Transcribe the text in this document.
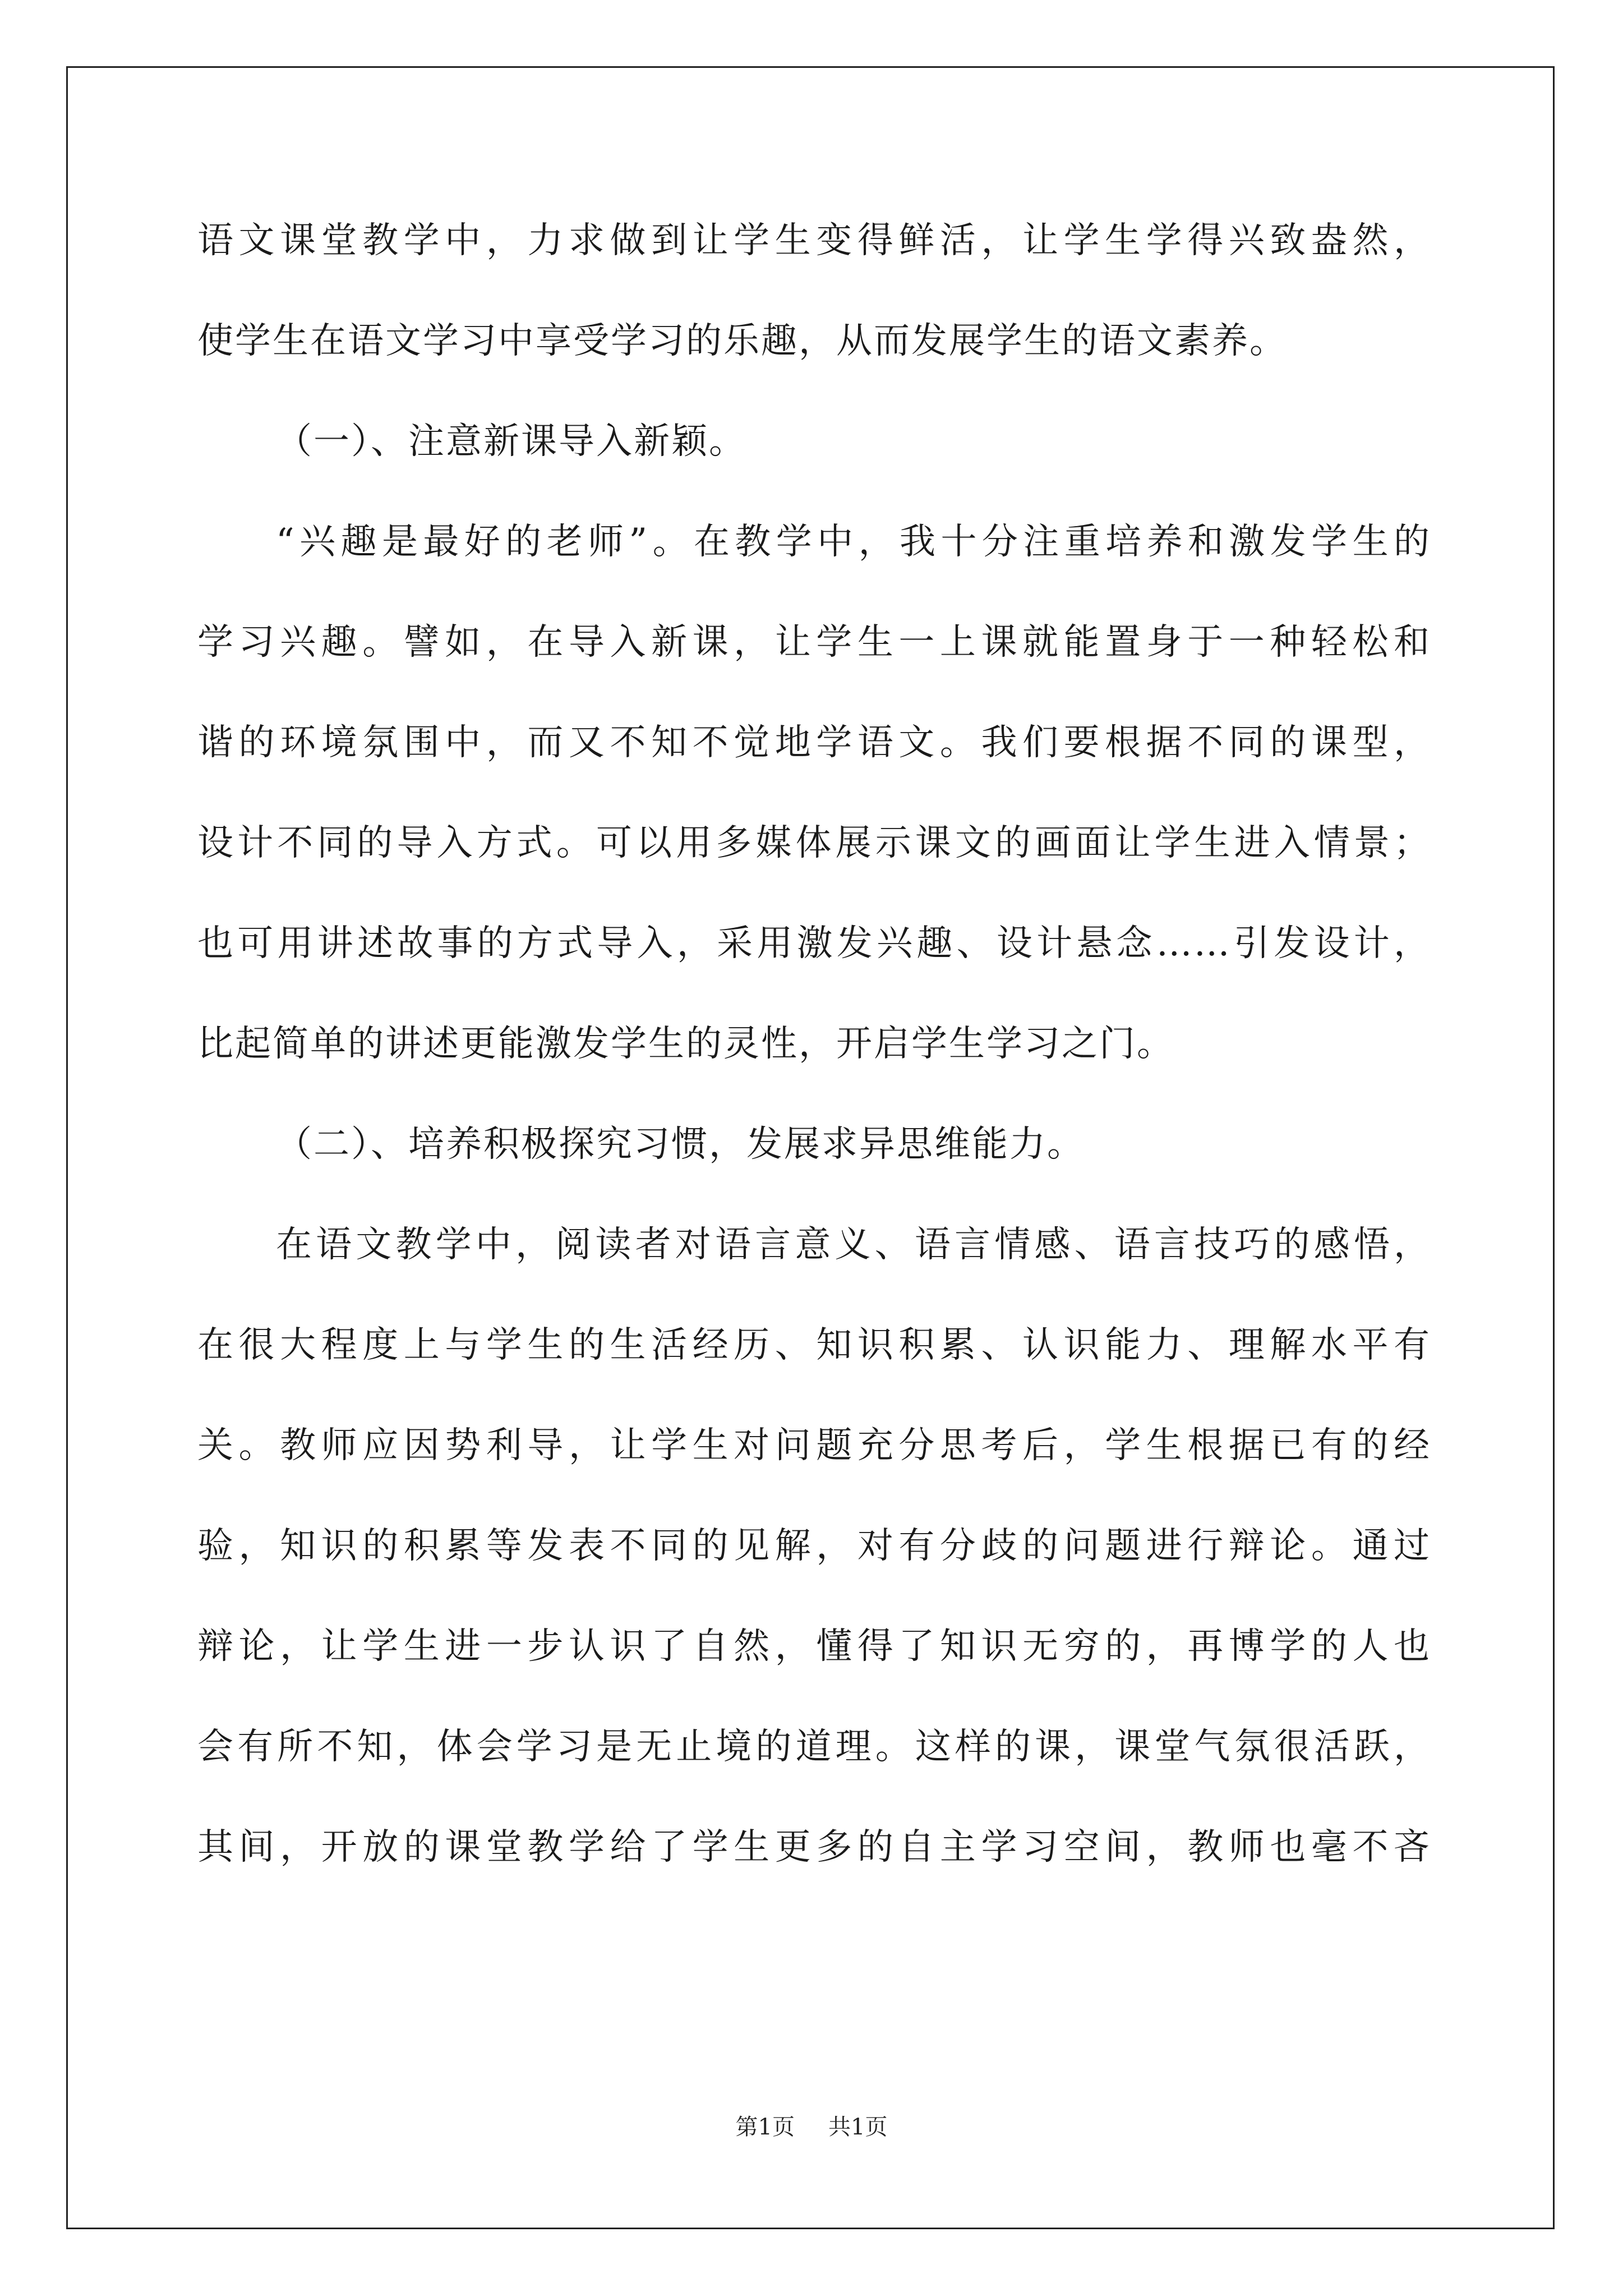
语文课堂教学中，力求做到让学生变得鲜活，让学生学得兴致盎然，
使学生在语文学习中享受学习的乐趣，从而发展学生的语文素养。
（一）、注意新课导入新颖。
“兴趣是最好的老师”。在教学中，我十分注重培养和激发学生的
学习兴趣。譬如，在导入新课，让学生一上课就能置身于一种轻松和
谐的环境氛围中，而又不知不觉地学语文。我们要根据不同的课型，
设计不同的导入方式。可以用多媒体展示课文的画面让学生进入情景；
也可用讲述故事的方式导入，采用激发兴趣、设计悬念……引发设计，
比起简单的讲述更能激发学生的灵性，开启学生学习之门。
（二）、培养积极探究习惯，发展求异思维能力。
在语文教学中，阅读者对语言意义、语言情感、语言技巧的感悟，
在很大程度上与学生的生活经历、知识积累、认识能力、理解水平有
关。教师应因势利导，让学生对问题充分思考后，学生根据已有的经
验，知识的积累等发表不同的见解，对有分歧的问题进行辩论。通过
辩论，让学生进一步认识了自然，懂得了知识无穷的，再博学的人也
会有所不知，体会学习是无止境的道理。这样的课，课堂气氛很活跃，
其间，开放的课堂教学给了学生更多的自主学习空间，教师也毫不吝
第1页 共1页
